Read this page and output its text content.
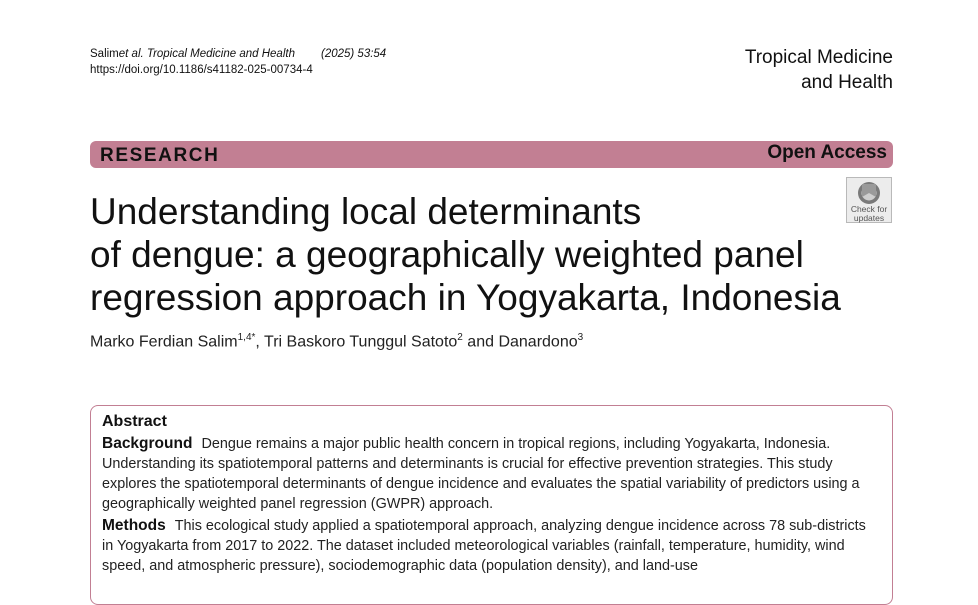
Salim et al. Tropical Medicine and Health (2025) 53:54
https://doi.org/10.1186/s41182-025-00734-4
Tropical Medicine
and Health
RESEARCH	Open Access
Check for
updates
Understanding local determinants
of dengue: a geographically weighted panel
regression approach in Yogyakarta, Indonesia
Marko Ferdian Salim$^{1,4*}$, Tri Baskoro Tunggul Satoto$^2$ and Danardono$^3$
Abstract

Background Dengue remains a major public health concern in tropical regions, including Yogyakarta, Indonesia. Understanding its spatiotemporal patterns and determinants is crucial for effective prevention strategies. This study explores the spatiotemporal determinants of dengue incidence and evaluates the spatial variability of predictors using a geographically weighted panel regression (GWPR) approach.

Methods This ecological study applied a spatiotemporal approach, analyzing dengue incidence across 78 sub-districts in Yogyakarta from 2017 to 2022. The dataset included meteorological variables (rainfall, temperature, humidity, wind speed, and atmospheric pressure), sociodemographic data (population density), and land-use
